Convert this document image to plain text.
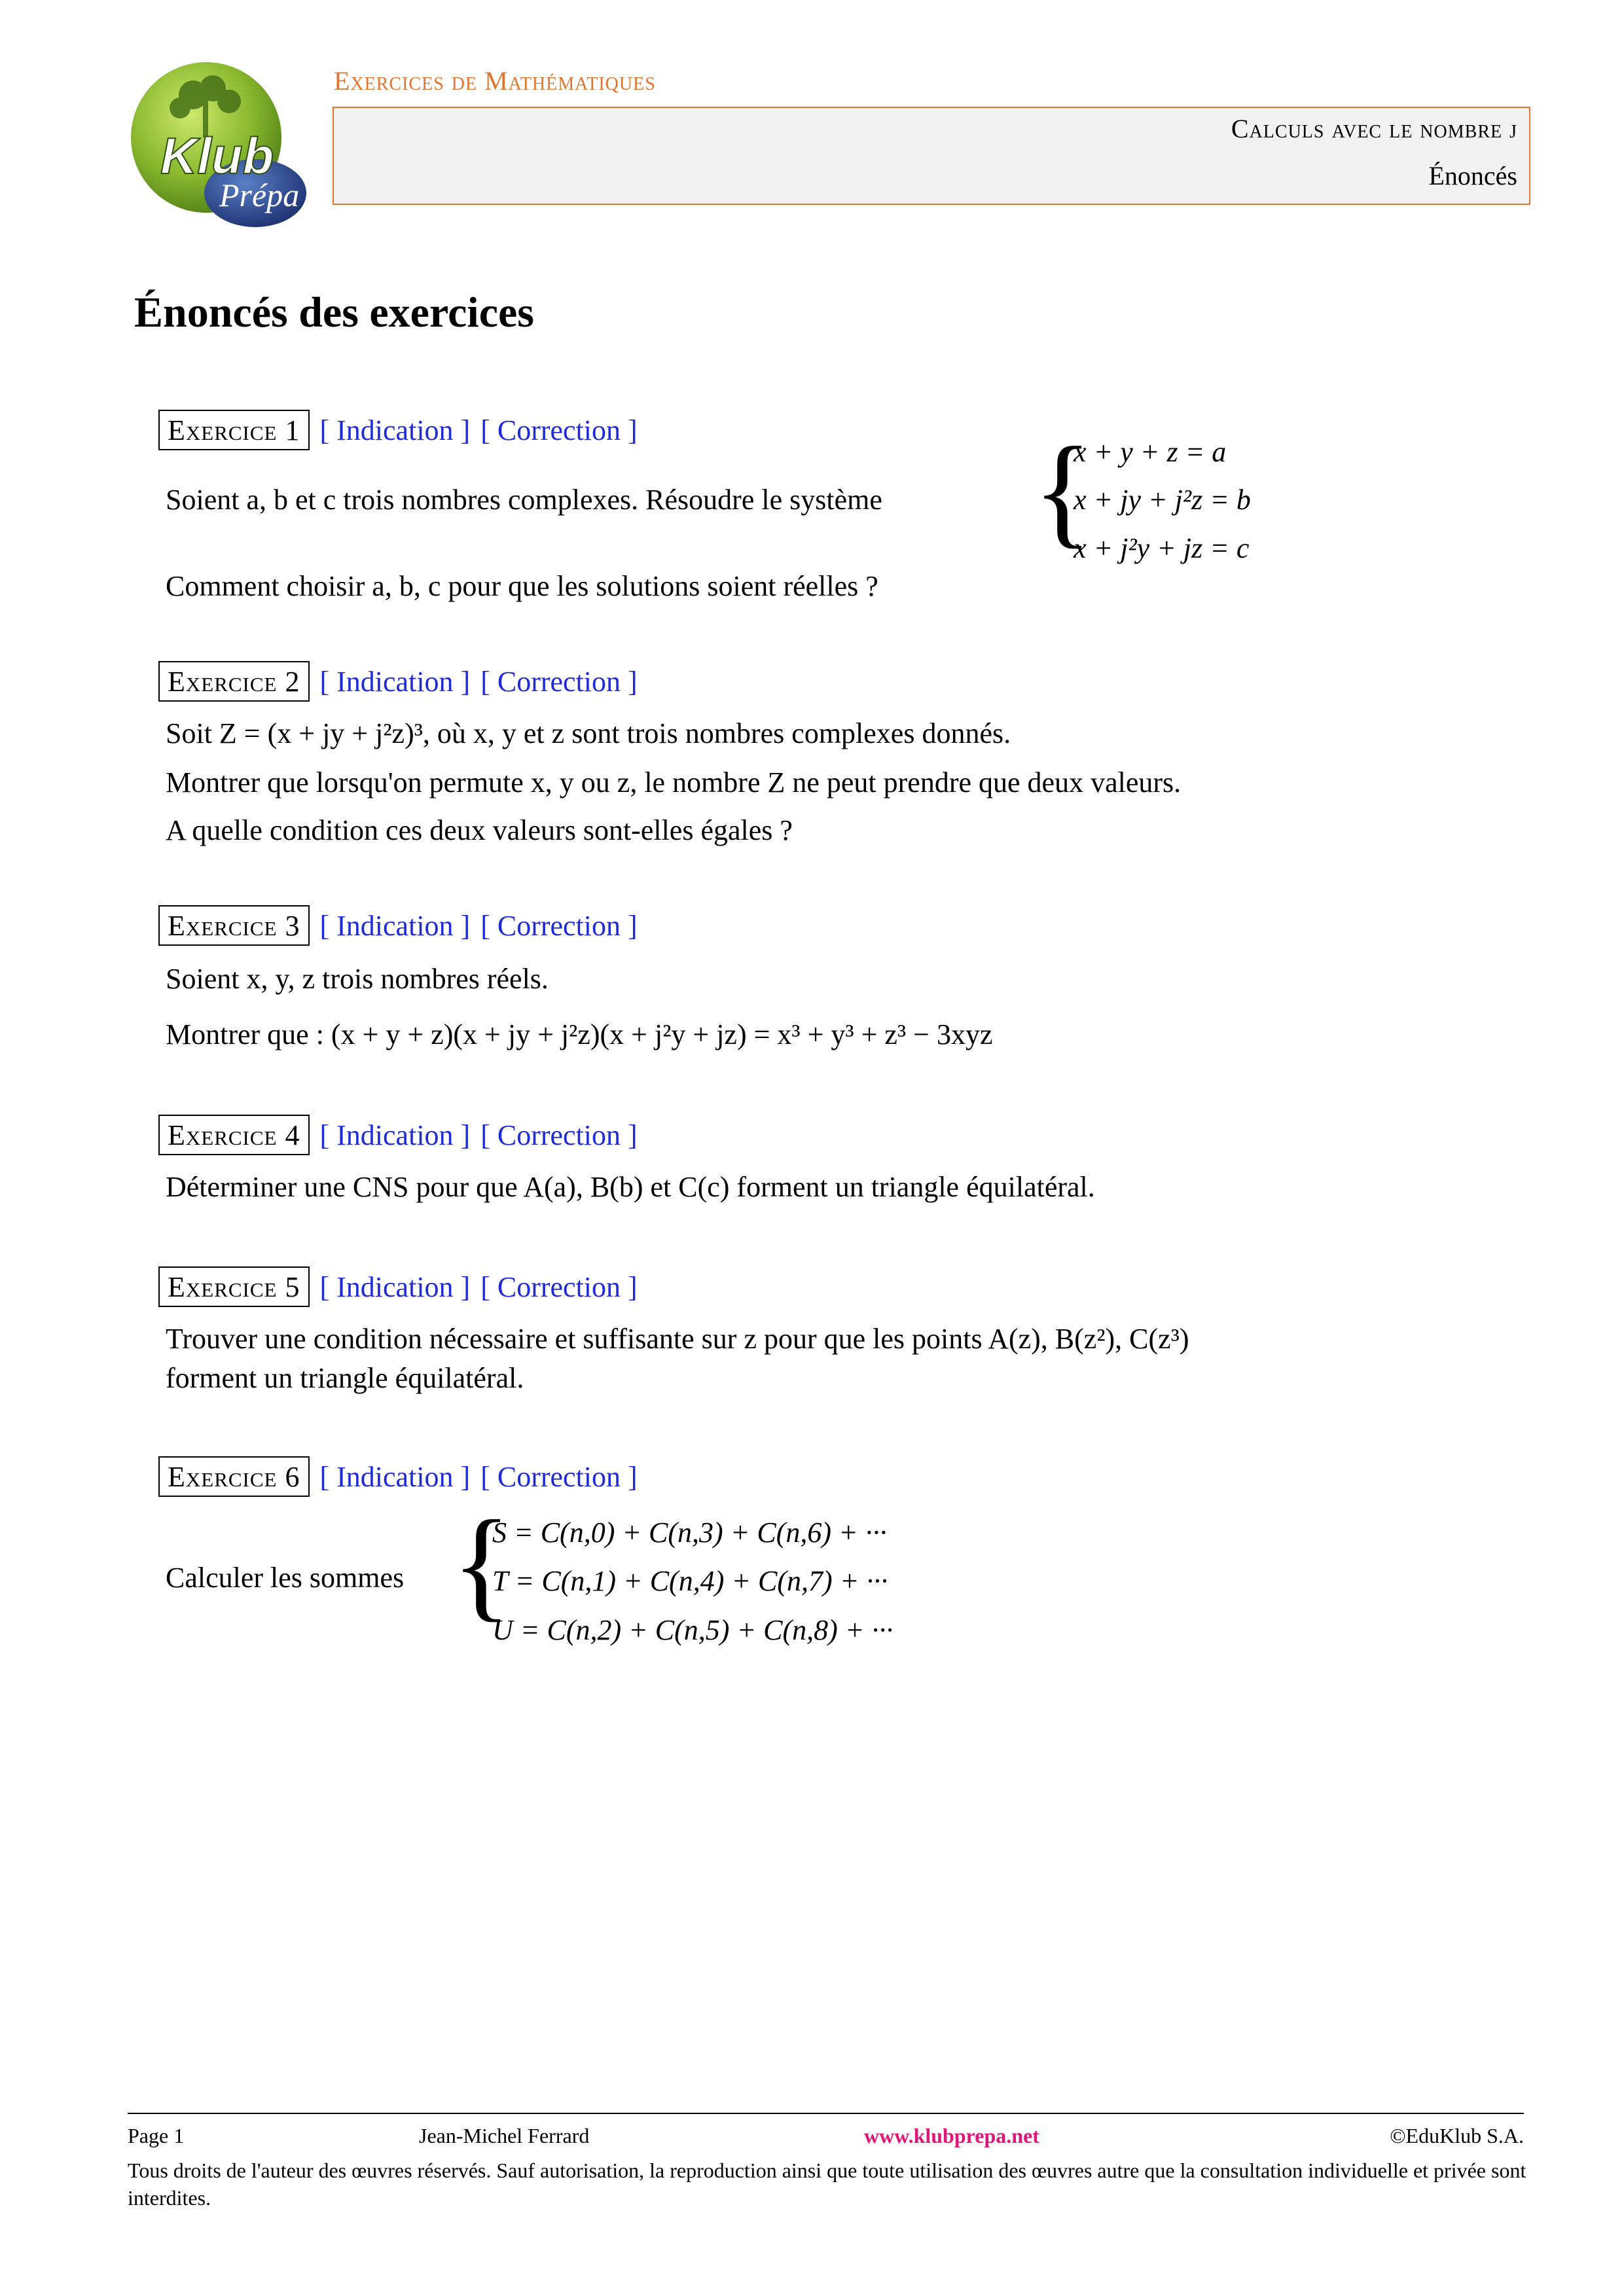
Klub
Prépa
Exercices de Mathématiques
Calculs avec le nombre j
Énoncés
Énoncés des exercices
Exercice 1 [ Indication ] [ Correction ]
Soient a, b et c trois nombres complexes. Résoudre le système {
x + y + z = a
x + jy + j²z = b
x + j²y + jz = c
Comment choisir a, b, c pour que les solutions soient réelles ?
Exercice 2 [ Indication ] [ Correction ]
Soit Z = (x + jy + j²z)³, où x, y et z sont trois nombres complexes donnés.
Montrer que lorsqu'on permute x, y ou z, le nombre Z ne peut prendre que deux valeurs.
A quelle condition ces deux valeurs sont-elles égales ?
Exercice 3 [ Indication ] [ Correction ]
Soient x, y, z trois nombres réels.
Montrer que : (x + y + z)(x + jy + j²z)(x + j²y + jz) = x³ + y³ + z³ − 3xyz
Exercice 4 [ Indication ] [ Correction ]
Déterminer une CNS pour que A(a), B(b) et C(c) forment un triangle équilatéral.
Exercice 5 [ Indication ] [ Correction ]
Trouver une condition nécessaire et suffisante sur z pour que les points A(z), B(z²), C(z³)
forment un triangle équilatéral.
Exercice 6 [ Indication ] [ Correction ]
Calculer les sommes {
S = C(n,0) + C(n,3) + C(n,6) + ···
T = C(n,1) + C(n,4) + C(n,7) + ···
U = C(n,2) + C(n,5) + C(n,8) + ···
Page 1	Jean-Michel Ferrard	www.klubprepa.net	©EduKlub S.A.
Tous droits de l'auteur des œuvres réservés. Sauf autorisation, la reproduction ainsi que toute utilisation des œuvres autre que la consultation individuelle et privée sont interdites.
